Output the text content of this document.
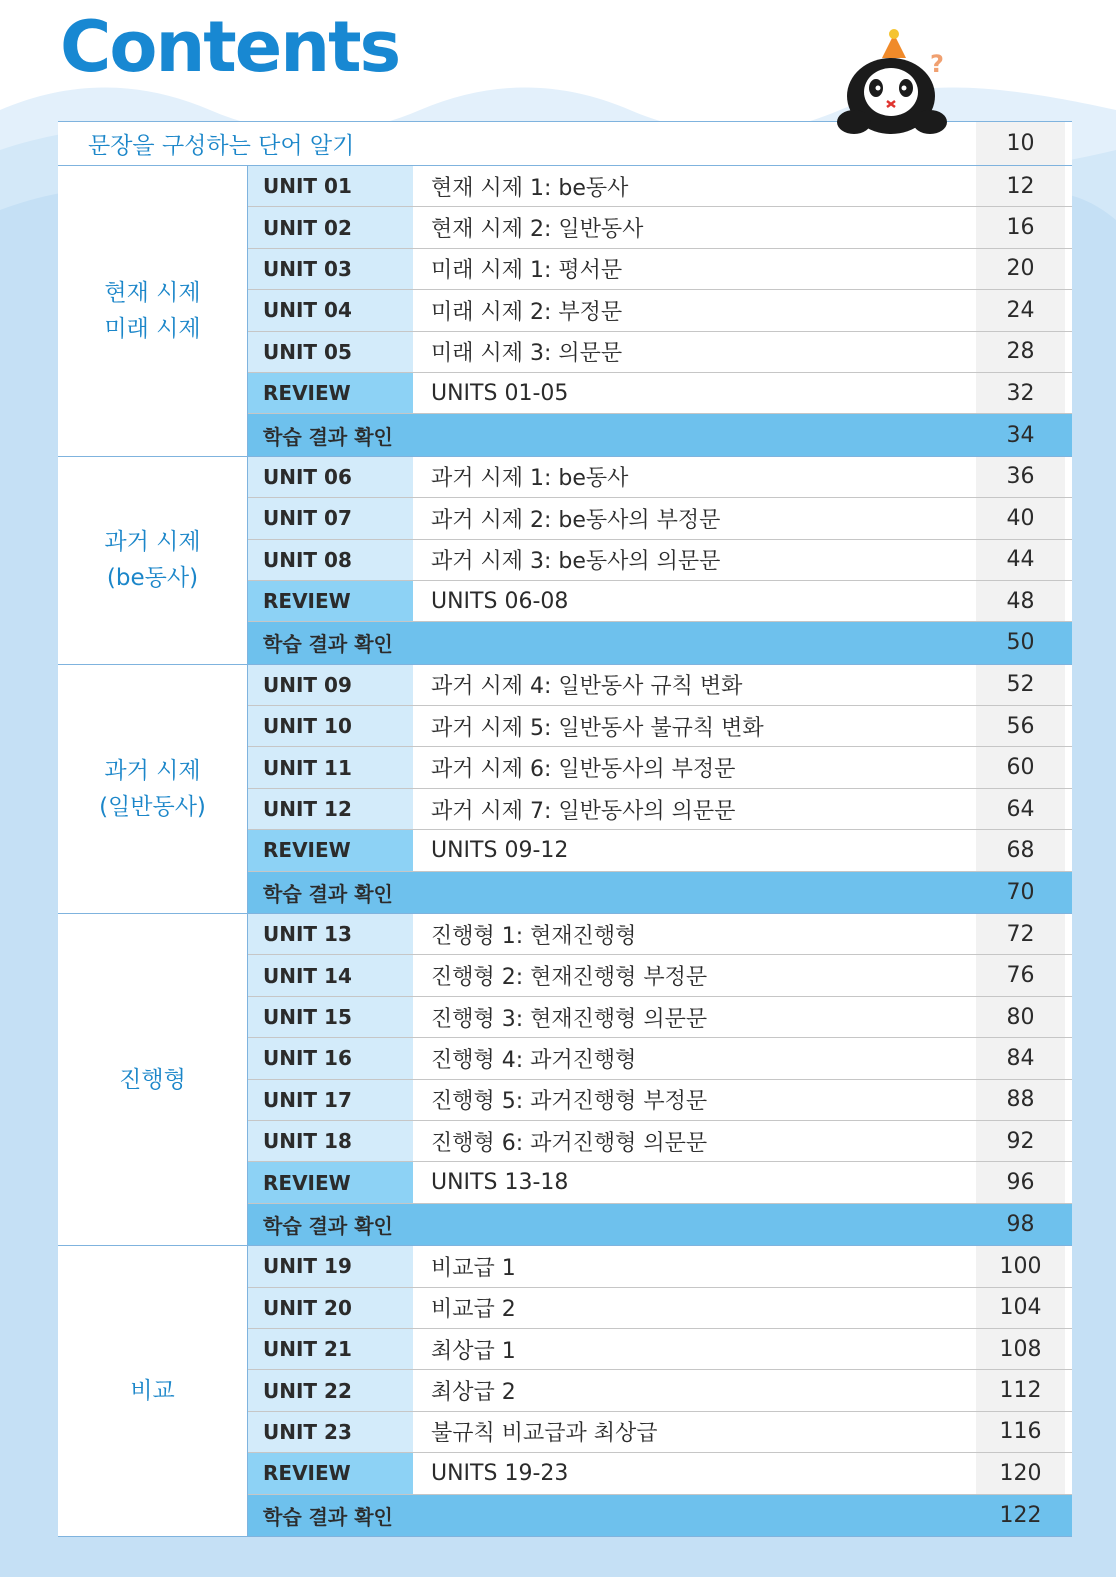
Contents	?
문장을 구성하는 단어 알기	10
현재 시제
미래 시제
UNIT 01	현재 시제 1: be동사	12
UNIT 02	현재 시제 2: 일반동사	16
UNIT 03	미래 시제 1: 평서문	20
UNIT 04	미래 시제 2: 부정문	24
UNIT 05	미래 시제 3: 의문문	28
REVIEW	UNITS 01-05	32
학습 결과 확인	34
과거 시제
(be동사)
UNIT 06	과거 시제 1: be동사	36
UNIT 07	과거 시제 2: be동사의 부정문	40
UNIT 08	과거 시제 3: be동사의 의문문	44
REVIEW	UNITS 06-08	48
학습 결과 확인	50
과거 시제
(일반동사)
UNIT 09	과거 시제 4: 일반동사 규칙 변화	52
UNIT 10	과거 시제 5: 일반동사 불규칙 변화	56
UNIT 11	과거 시제 6: 일반동사의 부정문	60
UNIT 12	과거 시제 7: 일반동사의 의문문	64
REVIEW	UNITS 09-12	68
학습 결과 확인	70
진행형
UNIT 13	진행형 1: 현재진행형	72
UNIT 14	진행형 2: 현재진행형 부정문	76
UNIT 15	진행형 3: 현재진행형 의문문	80
UNIT 16	진행형 4: 과거진행형	84
UNIT 17	진행형 5: 과거진행형 부정문	88
UNIT 18	진행형 6: 과거진행형 의문문	92
REVIEW	UNITS 13-18	96
학습 결과 확인	98
비교
UNIT 19	비교급 1	100
UNIT 20	비교급 2	104
UNIT 21	최상급 1	108
UNIT 22	최상급 2	112
UNIT 23	불규칙 비교급과 최상급	116
REVIEW	UNITS 19-23	120
학습 결과 확인	122
